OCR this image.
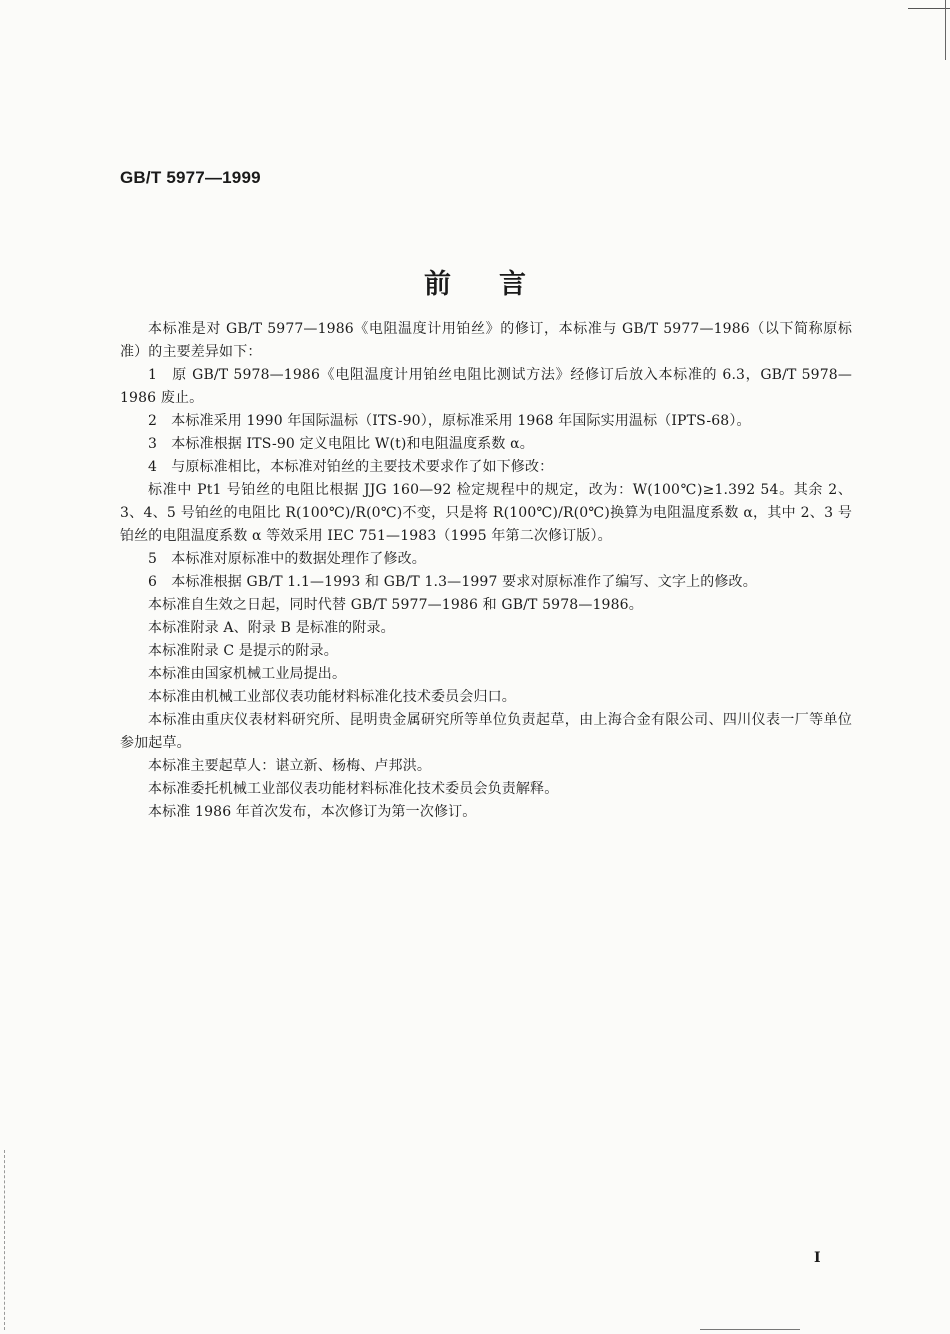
GB/T 5977—1999
前言

本标准是对 GB/T 5977—1986《电阻温度计用铂丝》的修订，本标准与 GB/T 5977—1986（以下简称原标准）的主要差异如下：

1　原 GB/T 5978—1986《电阻温度计用铂丝电阻比测试方法》经修订后放入本标准的 6.3，GB/T 5978—1986 废止。

2　本标准采用 1990 年国际温标（ITS-90），原标准采用 1968 年国际实用温标（IPTS-68）。

3　本标准根据 ITS-90 定义电阻比 W(t)和电阻温度系数 α。

4　与原标准相比，本标准对铂丝的主要技术要求作了如下修改：

标准中 Pt1 号铂丝的电阻比根据 JJG 160—92 检定规程中的规定，改为：W(100℃)≥1.392 54。其余 2、3、4、5 号铂丝的电阻比 R(100℃)/R(0℃)不变，只是将 R(100℃)/R(0℃)换算为电阻温度系数 α，其中 2、3 号铂丝的电阻温度系数 α 等效采用 IEC 751—1983（1995 年第二次修订版）。

5　本标准对原标准中的数据处理作了修改。

6　本标准根据 GB/T 1.1—1993 和 GB/T 1.3—1997 要求对原标准作了编写、文字上的修改。

本标准自生效之日起，同时代替 GB/T 5977—1986 和 GB/T 5978—1986。

本标准附录 A、附录 B 是标准的附录。

本标准附录 C 是提示的附录。

本标准由国家机械工业局提出。

本标准由机械工业部仪表功能材料标准化技术委员会归口。

本标准由重庆仪表材料研究所、昆明贵金属研究所等单位负责起草，由上海合金有限公司、四川仪表一厂等单位参加起草。

本标准主要起草人：谌立新、杨梅、卢邦洪。

本标准委托机械工业部仪表功能材料标准化技术委员会负责解释。

本标准 1986 年首次发布，本次修订为第一次修订。

I
